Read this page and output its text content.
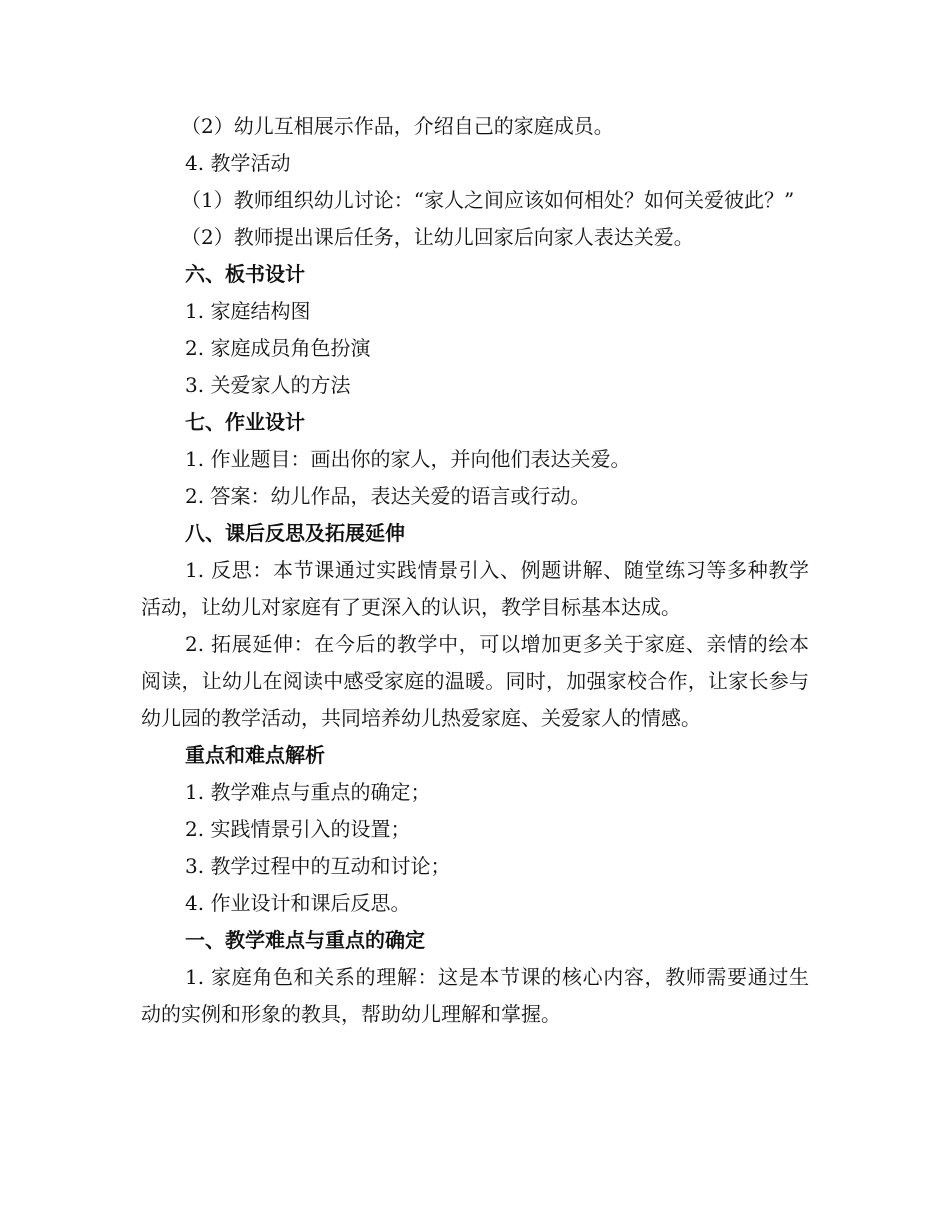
（2）幼儿互相展示作品，介绍自己的家庭成员。
4. 教学活动

（1）教师组织幼儿讨论：“家人之间应该如何相处？如何关爱彼此？”

（2）教师提出课后任务，让幼儿回家后向家人表达关爱。
六、板书设计
1. 家庭结构图
2. 家庭成员角色扮演
3. 关爱家人的方法
七、作业设计
1. 作业题目：画出你的家人，并向他们表达关爱。
2. 答案：幼儿作品，表达关爱的语言或行动。
八、课后反思及拓展延伸

1. 反思：本节课通过实践情景引入、例题讲解、随堂练习等多种教学活动，让幼儿对家庭有了更深入的认识，教学目标基本达成。

2. 拓展延伸：在今后的教学中，可以增加更多关于家庭、亲情的绘本阅读，让幼儿在阅读中感受家庭的温暖。同时，加强家校合作，让家长参与幼儿园的教学活动，共同培养幼儿热爱家庭、关爱家人的情感。

重点和难点解析
1. 教学难点与重点的确定；
2. 实践情景引入的设置；
3. 教学过程中的互动和讨论；
4. 作业设计和课后反思。
一、教学难点与重点的确定

1. 家庭角色和关系的理解：这是本节课的核心内容，教师需要通过生动的实例和形象的教具，帮助幼儿理解和掌握。
